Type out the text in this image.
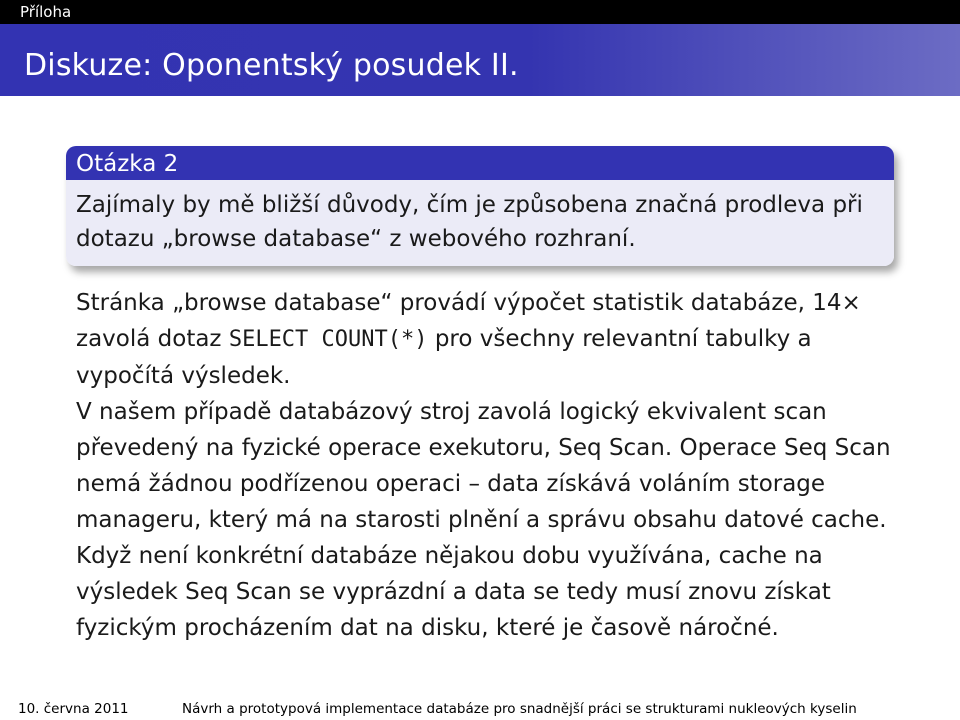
Příloha
Diskuze: Oponentský posudek II.
Otázka 2

Zajímaly by mě bližší důvody, čím je způsobena značná prodleva při dotazu „browse database“ z webového rozhraní.

Stránka „browse database“ provádí výpočet statistik databáze, 14× zavolá dotaz SELECT COUNT(*) pro všechny relevantní tabulky a vypočítá výsledek.
V našem případě databázový stroj zavolá logický ekvivalent scan převedený na fyzické operace exekutoru, Seq Scan. Operace Seq Scan nemá žádnou podřízenou operaci – data získává voláním storage manageru, který má na starosti plnění a správu obsahu datové cache. Když není konkrétní databáze nějakou dobu využívána, cache na výsledek Seq Scan se vyprázdní a data se tedy musí znovu získat fyzickým procházením dat na disku, které je časově náročné.

10. června 2011	Návrh a prototypová implementace databáze pro snadnější práci se strukturami nukleových kyselin
